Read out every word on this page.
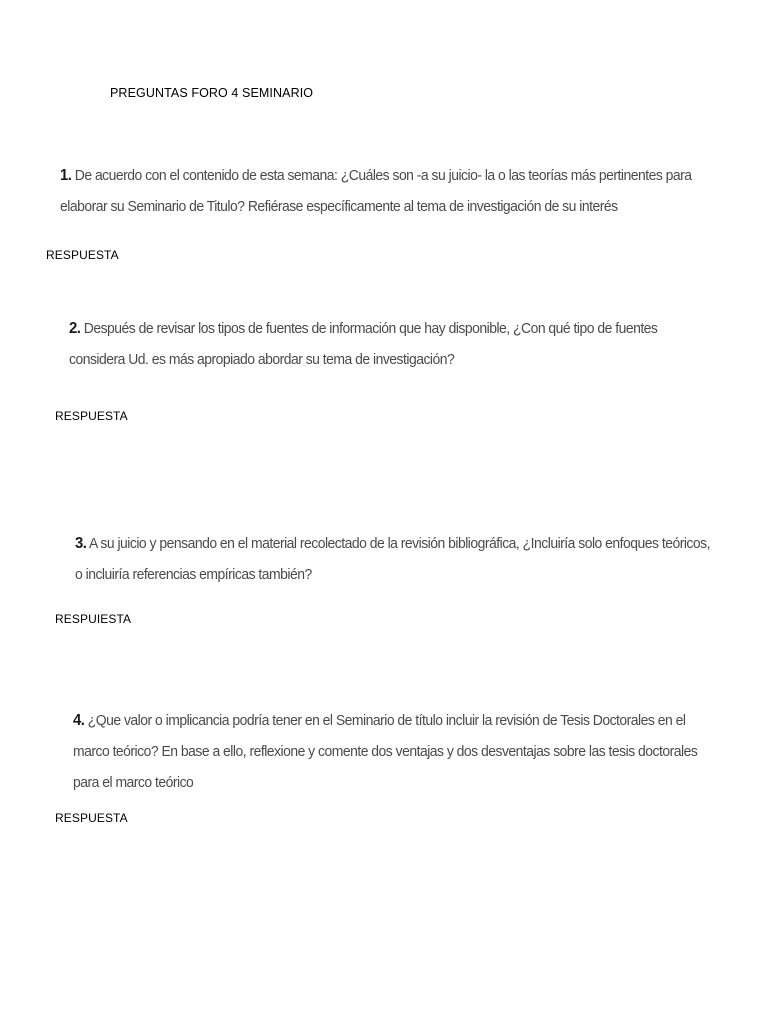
PREGUNTAS FORO 4 SEMINARIO
1. De acuerdo con el contenido de esta semana: ¿Cuáles son -a su juicio- la o las teorías más pertinentes para
elaborar su Seminario de Titulo? Refiérase específicamente al tema de investigación de su interés
RESPUESTA
2. Después de revisar los tipos de fuentes de información que hay disponible, ¿Con qué tipo de fuentes
considera Ud. es más apropiado abordar su tema de investigación?
RESPUESTA
3. A su juicio y pensando en el material recolectado de la revisión bibliográfica, ¿Incluiría solo enfoques teóricos,
o incluiría referencias empíricas también?
RESPUIESTA
4. ¿Que valor o implicancia podría tener en el Seminario de título incluir la revisión de Tesis Doctorales en el
marco teórico? En base a ello, reflexione y comente dos ventajas y dos desventajas sobre las tesis doctorales
para el marco teórico
RESPUESTA
